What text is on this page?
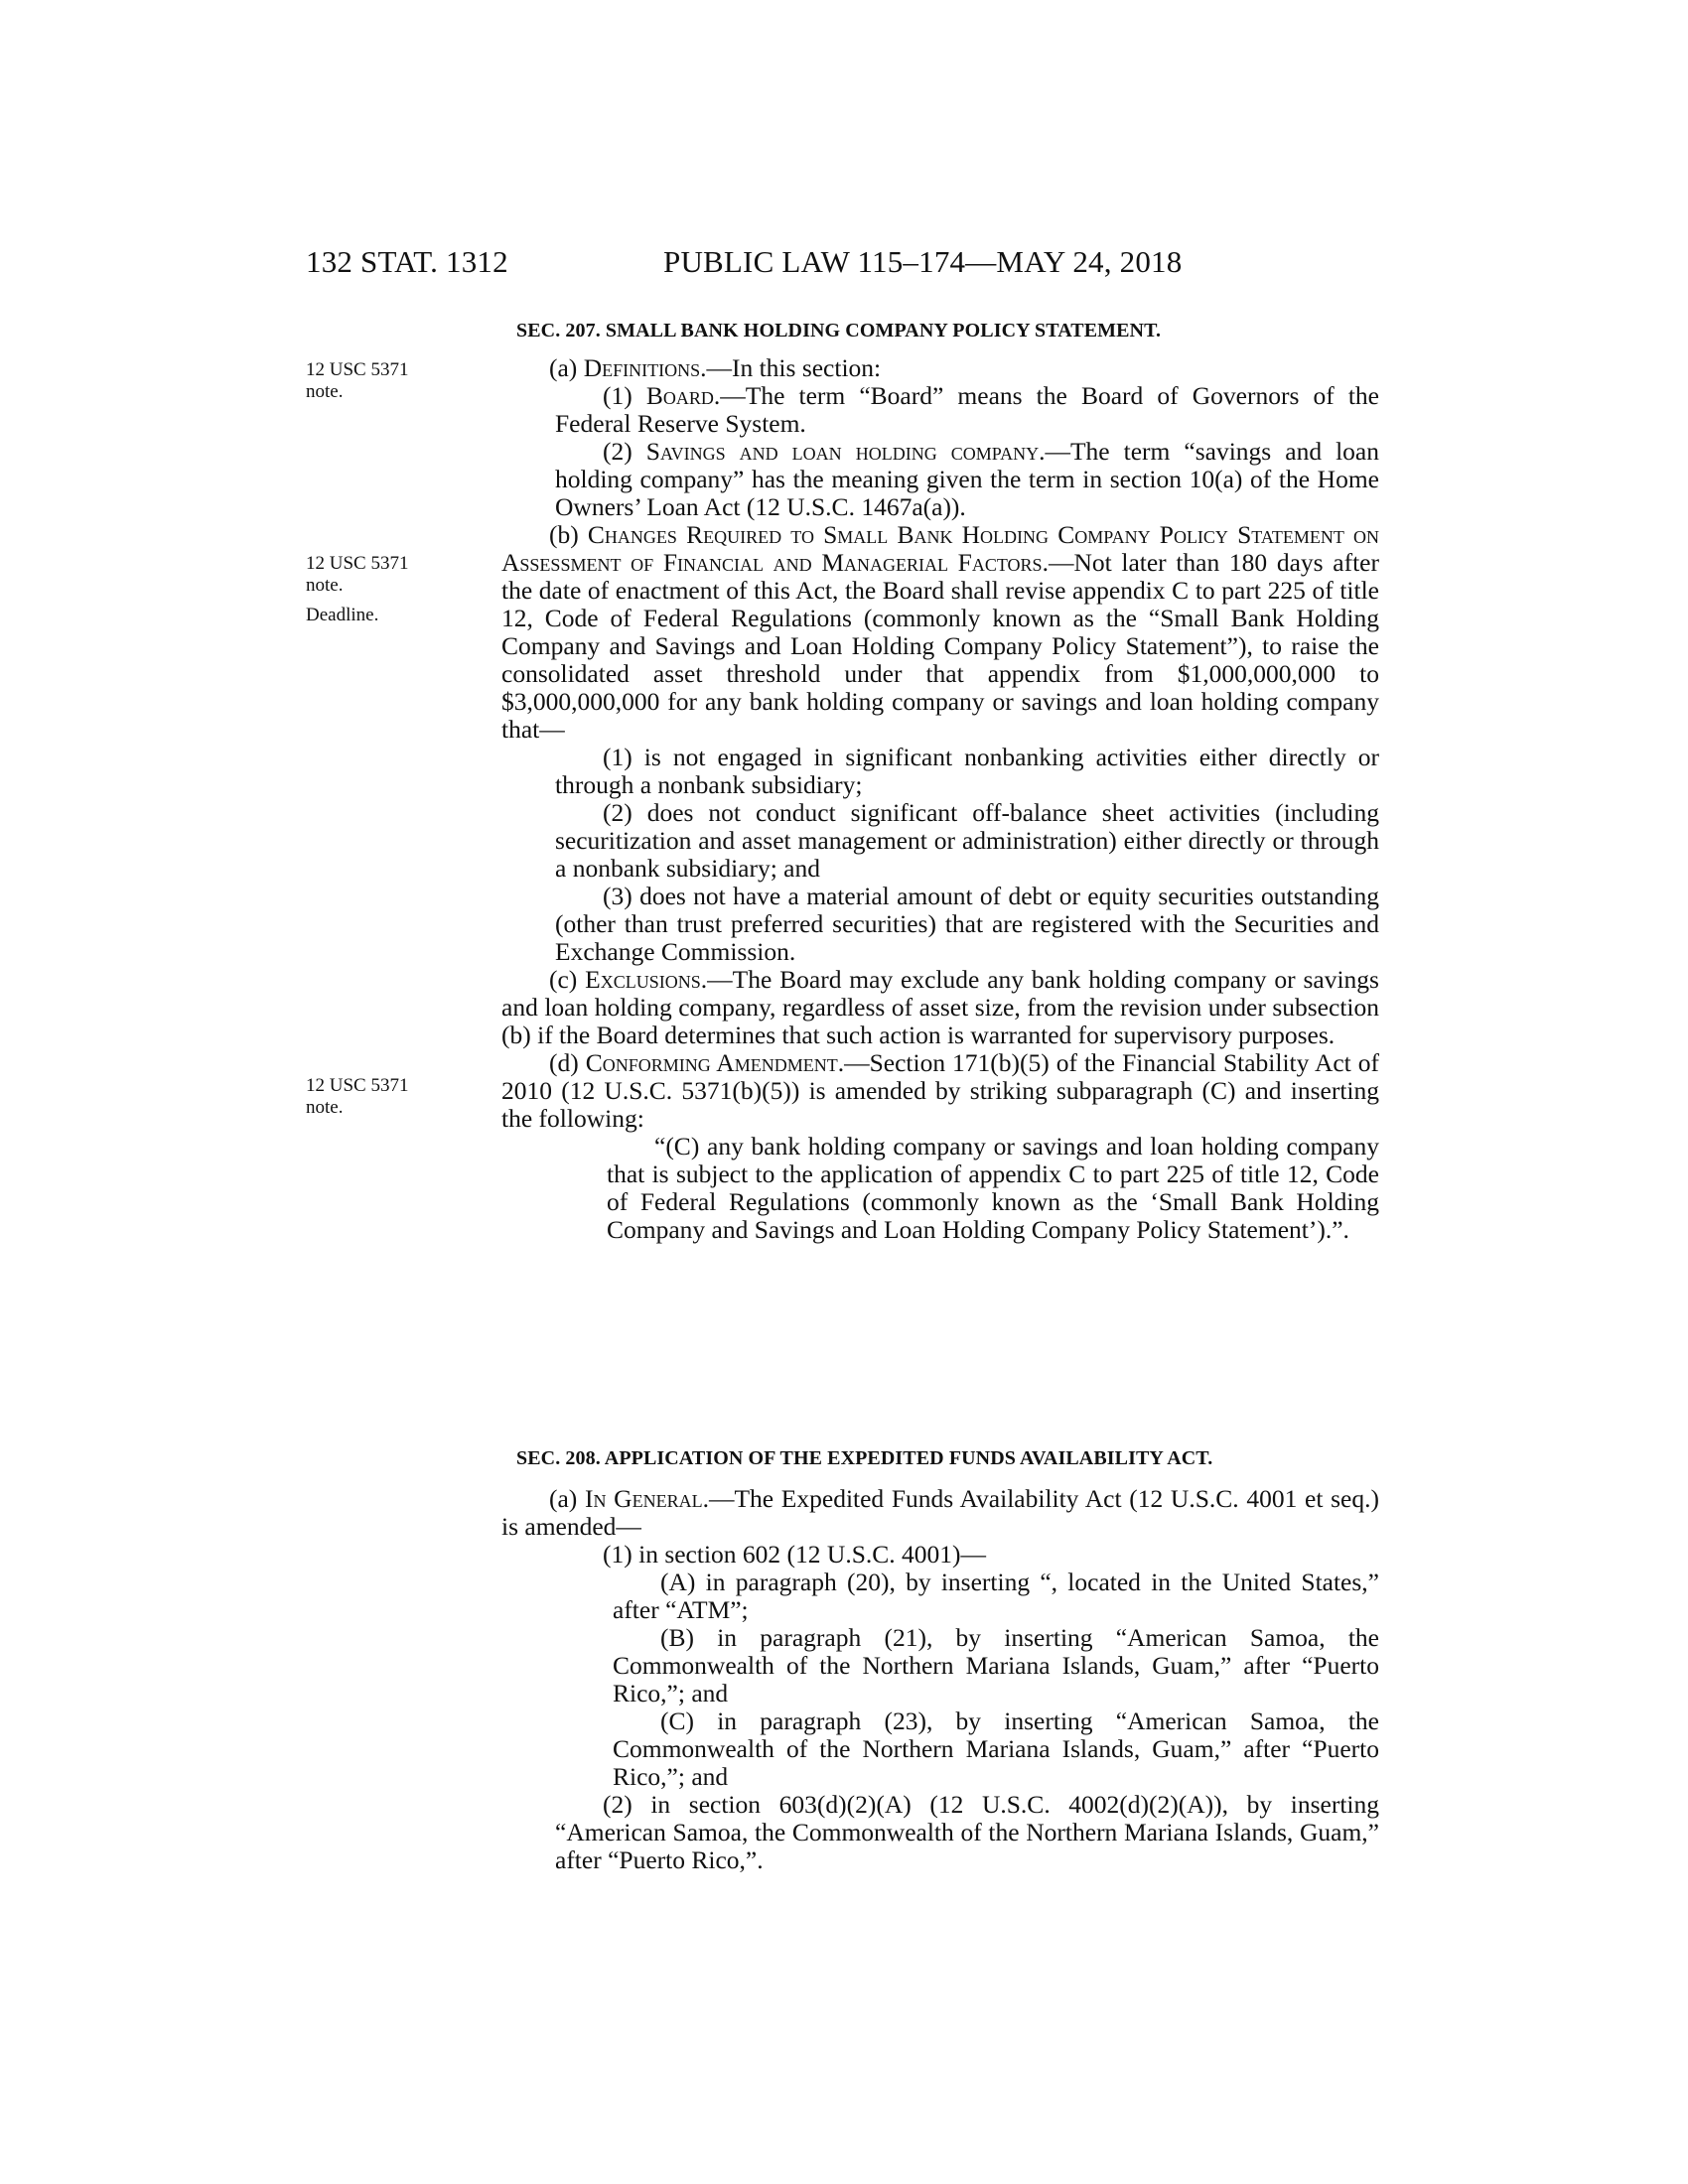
132 STAT. 1312	PUBLIC LAW 115–174—MAY 24, 2018
12 USC 5371
note.
12 USC 5371
note.
Deadline.
12 USC 5371
note.
SEC. 207. SMALL BANK HOLDING COMPANY POLICY STATEMENT.

(a) Definitions.—In this section:

(1) Board.—The term “Board” means the Board of Governors of the Federal Reserve System.

(2) Savings and loan holding company.—The term “savings and loan holding company” has the meaning given the term in section 10(a) of the Home Owners’ Loan Act (12 U.S.C. 1467a(a)).

(b) Changes Required to Small Bank Holding Company Policy Statement on Assessment of Financial and Managerial Factors.—Not later than 180 days after the date of enactment of this Act, the Board shall revise appendix C to part 225 of title 12, Code of Federal Regulations (commonly known as the “Small Bank Holding Company and Savings and Loan Holding Company Policy Statement”), to raise the consolidated asset threshold under that appendix from $1,000,000,000 to $3,000,000,000 for any bank holding company or savings and loan holding company that—

(1) is not engaged in significant nonbanking activities either directly or through a nonbank subsidiary;

(2) does not conduct significant off-balance sheet activities (including securitization and asset management or administration) either directly or through a nonbank subsidiary; and

(3) does not have a material amount of debt or equity securities outstanding (other than trust preferred securities) that are registered with the Securities and Exchange Commission.

(c) Exclusions.—The Board may exclude any bank holding company or savings and loan holding company, regardless of asset size, from the revision under subsection (b) if the Board determines that such action is warranted for supervisory purposes.

(d) Conforming Amendment.—Section 171(b)(5) of the Financial Stability Act of 2010 (12 U.S.C. 5371(b)(5)) is amended by striking subparagraph (C) and inserting the following:

“(C) any bank holding company or savings and loan holding company that is subject to the application of appendix C to part 225 of title 12, Code of Federal Regulations (commonly known as the ‘Small Bank Holding Company and Savings and Loan Holding Company Policy Statement’).”.

SEC. 208. APPLICATION OF THE EXPEDITED FUNDS AVAILABILITY ACT.

(a) In General.—The Expedited Funds Availability Act (12 U.S.C. 4001 et seq.) is amended—

(1) in section 602 (12 U.S.C. 4001)—

(A) in paragraph (20), by inserting “, located in the United States,” after “ATM”;

(B) in paragraph (21), by inserting “American Samoa, the Commonwealth of the Northern Mariana Islands, Guam,” after “Puerto Rico,”; and

(C) in paragraph (23), by inserting “American Samoa, the Commonwealth of the Northern Mariana Islands, Guam,” after “Puerto Rico,”; and

(2) in section 603(d)(2)(A) (12 U.S.C. 4002(d)(2)(A)), by inserting “American Samoa, the Commonwealth of the Northern Mariana Islands, Guam,” after “Puerto Rico,”.
